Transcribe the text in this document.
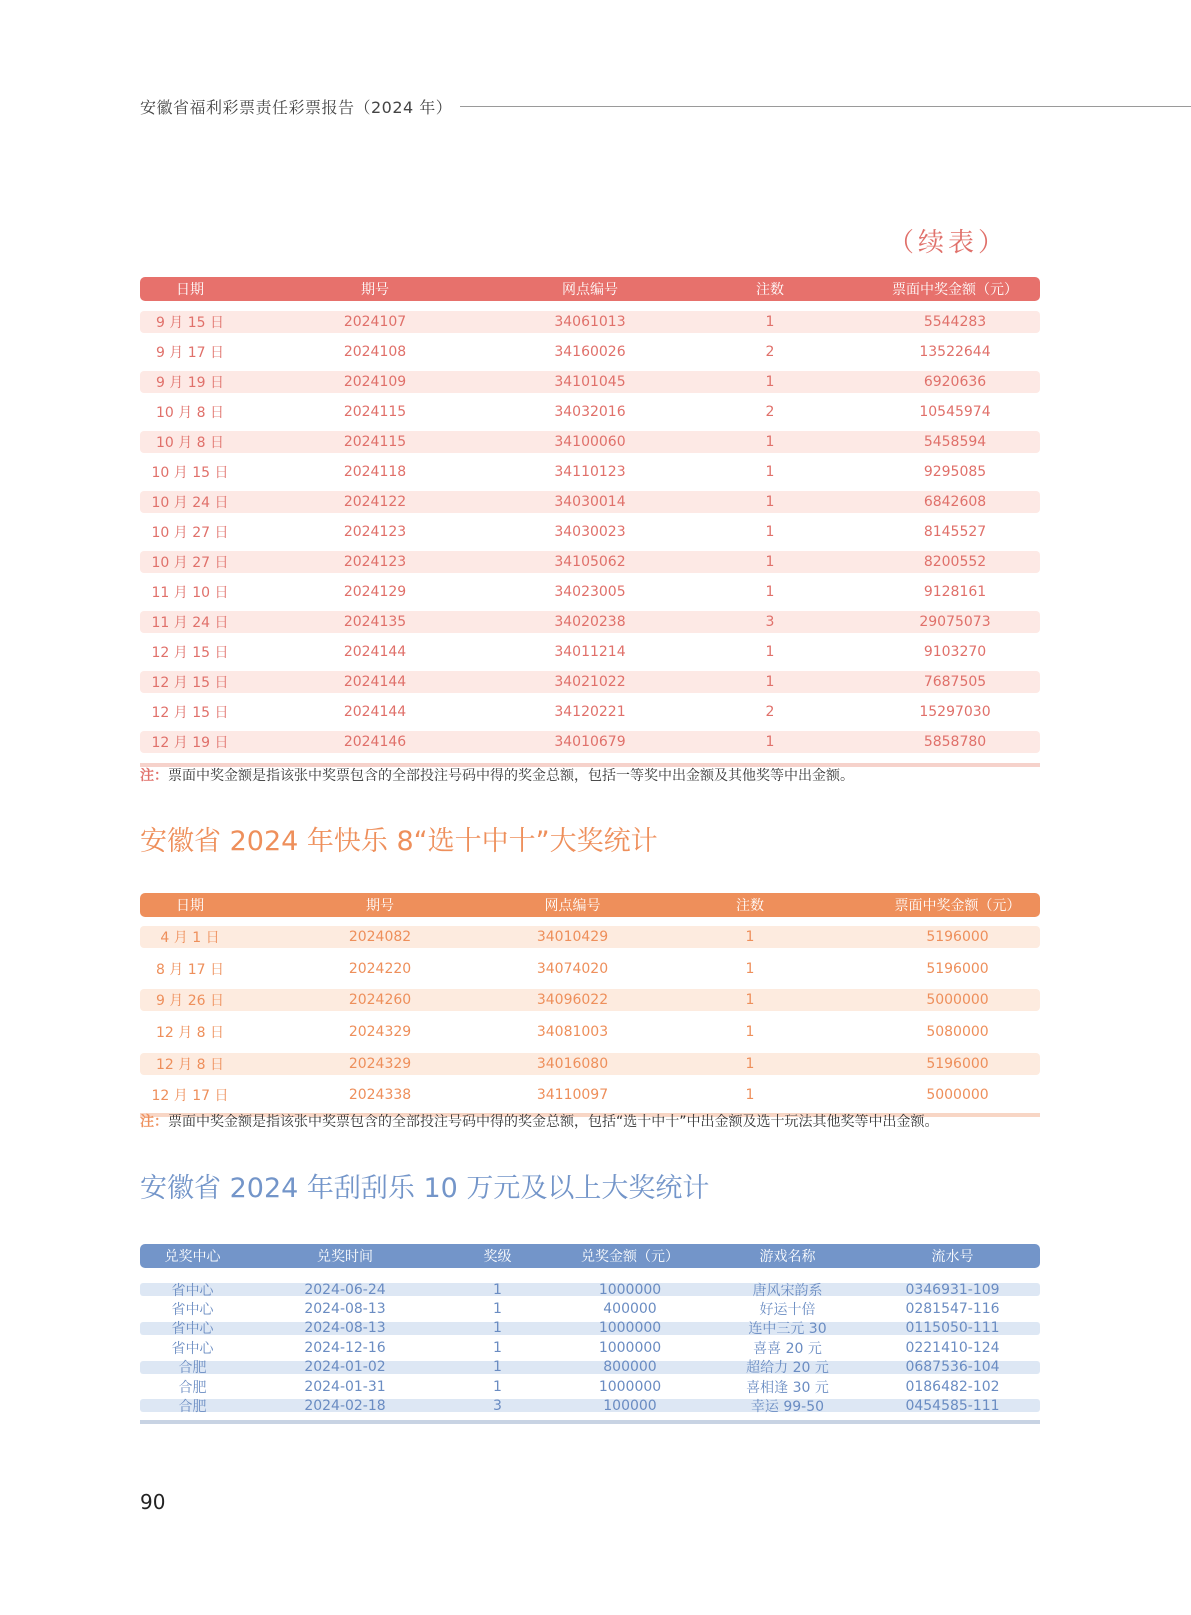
安徽省福利彩票责任彩票报告（2024 年）
（续表）
日期	期号	网点编号	注数	票面中奖金额（元）
9 月 15 日	2024107	34061013	1	5544283
9 月 17 日	2024108	34160026	2	13522644
9 月 19 日	2024109	34101045	1	6920636
10 月 8 日	2024115	34032016	2	10545974
10 月 8 日	2024115	34100060	1	5458594
10 月 15 日	2024118	34110123	1	9295085
10 月 24 日	2024122	34030014	1	6842608
10 月 27 日	2024123	34030023	1	8145527
10 月 27 日	2024123	34105062	1	8200552
11 月 10 日	2024129	34023005	1	9128161
11 月 24 日	2024135	34020238	3	29075073
12 月 15 日	2024144	34011214	1	9103270
12 月 15 日	2024144	34021022	1	7687505
12 月 15 日	2024144	34120221	2	15297030
12 月 19 日	2024146	34010679	1	5858780
注：票面中奖金额是指该张中奖票包含的全部投注号码中得的奖金总额，包括一等奖中出金额及其他奖等中出金额。
安徽省 2024 年快乐 8“选十中十”大奖统计
日期	期号	网点编号	注数	票面中奖金额（元）
4 月 1 日	2024082	34010429	1	5196000
8 月 17 日	2024220	34074020	1	5196000
9 月 26 日	2024260	34096022	1	5000000
12 月 8 日	2024329	34081003	1	5080000
12 月 8 日	2024329	34016080	1	5196000
12 月 17 日	2024338	34110097	1	5000000
注：票面中奖金额是指该张中奖票包含的全部投注号码中得的奖金总额，包括“选十中十”中出金额及选十玩法其他奖等中出金额。
安徽省 2024 年刮刮乐 10 万元及以上大奖统计
兑奖中心	兑奖时间	奖级	兑奖金额（元）	游戏名称	流水号
省中心	2024-06-24	1	1000000	唐风宋韵系	0346931-109
省中心	2024-08-13	1	400000	好运十倍	0281547-116
省中心	2024-08-13	1	1000000	连中三元 30	0115050-111
省中心	2024-12-16	1	1000000	喜喜 20 元	0221410-124
合肥	2024-01-02	1	800000	超给力 20 元	0687536-104
合肥	2024-01-31	1	1000000	喜相逢 30 元	0186482-102
合肥	2024-02-18	3	100000	幸运 99-50	0454585-111
90
